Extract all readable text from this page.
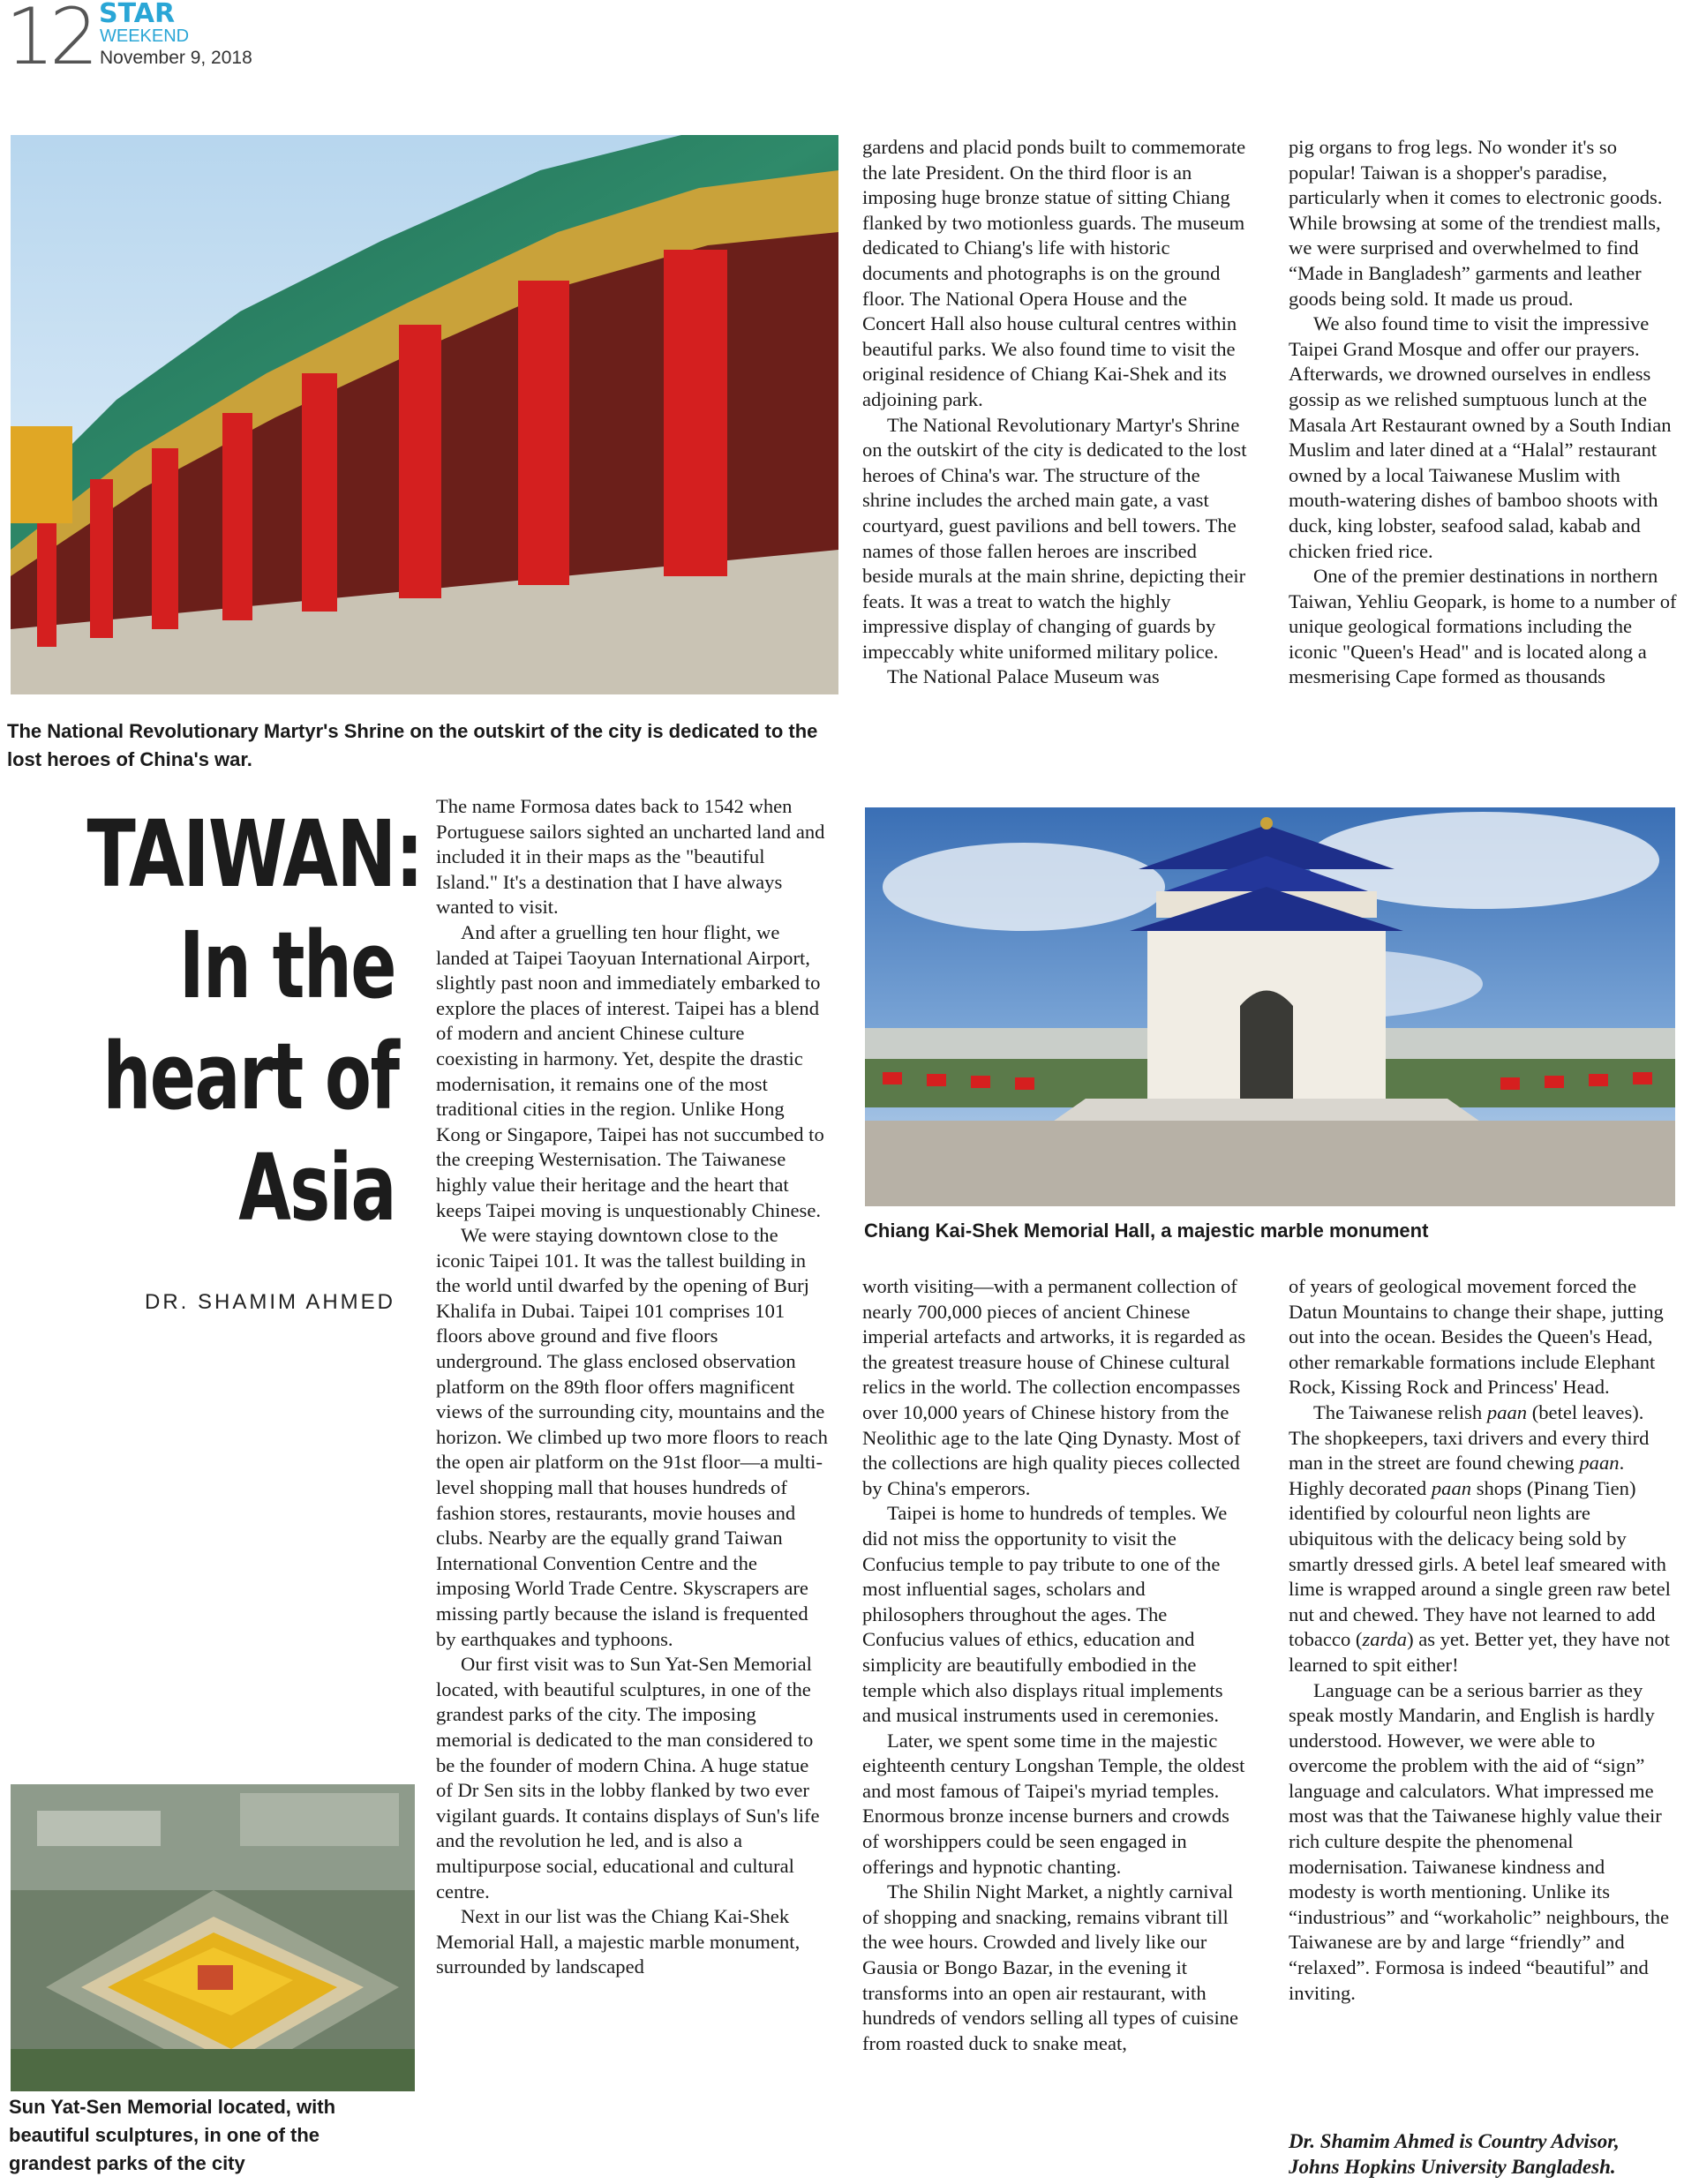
12 STAR
WEEKEND
November 9, 2018
The National Revolutionary Martyr's Shrine on the outskirt of the city is dedicated to the lost heroes of China's war.
TAIWAN:
In the
heart of
Asia
DR. SHAMIM AHMED
Sun Yat-Sen Memorial located, with beautiful sculptures, in one of the grandest parks of the city

The name Formosa dates back to 1542 when Portuguese sailors sighted an uncharted land and included it in their maps as the "beautiful Island." It's a destination that I have always wanted to visit.

And after a gruelling ten hour flight, we landed at Taipei Taoyuan International Airport, slightly past noon and immediately embarked to explore the places of interest. Taipei has a blend of modern and ancient Chinese culture coexisting in harmony. Yet, despite the drastic modernisation, it remains one of the most traditional cities in the region. Unlike Hong Kong or Singapore, Taipei has not succumbed to the creeping Westernisation. The Taiwanese highly value their heritage and the heart that keeps Taipei moving is unquestionably Chinese.

We were staying downtown close to the iconic Taipei 101. It was the tallest building in the world until dwarfed by the opening of Burj Khalifa in Dubai. Taipei 101 comprises 101 floors above ground and five floors underground. The glass enclosed observation platform on the 89th floor offers magnificent views of the surrounding city, mountains and the horizon. We climbed up two more floors to reach the open air platform on the 91st floor—a multi-level shopping mall that houses hundreds of fashion stores, restaurants, movie houses and clubs. Nearby are the equally grand Taiwan International Convention Centre and the imposing World Trade Centre. Skyscrapers are missing partly because the island is frequented by earthquakes and typhoons.

Our first visit was to Sun Yat-Sen Memorial located, with beautiful sculptures, in one of the grandest parks of the city. The imposing memorial is dedicated to the man considered to be the founder of modern China. A huge statue of Dr Sen sits in the lobby flanked by two ever vigilant guards. It contains displays of Sun's life and the revolution he led, and is also a multipurpose social, educational and cultural centre.

Next in our list was the Chiang Kai-Shek Memorial Hall, a majestic marble monument, surrounded by landscaped

gardens and placid ponds built to commemorate the late President. On the third floor is an imposing huge bronze statue of sitting Chiang flanked by two motionless guards. The museum dedicated to Chiang's life with historic documents and photographs is on the ground floor. The National Opera House and the Concert Hall also house cultural centres within beautiful parks. We also found time to visit the original residence of Chiang Kai-Shek and its adjoining park.

The National Revolutionary Martyr's Shrine on the outskirt of the city is dedicated to the lost heroes of China's war. The structure of the shrine includes the arched main gate, a vast courtyard, guest pavilions and bell towers. The names of those fallen heroes are inscribed beside murals at the main shrine, depicting their feats. It was a treat to watch the highly impressive display of changing of guards by impeccably white uniformed military police.

The National Palace Museum was

pig organs to frog legs. No wonder it's so popular! Taiwan is a shopper's paradise, particularly when it comes to electronic goods. While browsing at some of the trendiest malls, we were surprised and overwhelmed to find “Made in Bangladesh” garments and leather goods being sold. It made us proud.

We also found time to visit the impressive Taipei Grand Mosque and offer our prayers. Afterwards, we drowned ourselves in endless gossip as we relished sumptuous lunch at the Masala Art Restaurant owned by a South Indian Muslim and later dined at a “Halal” restaurant owned by a local Taiwanese Muslim with mouth-watering dishes of bamboo shoots with duck, king lobster, seafood salad, kabab and chicken fried rice.

One of the premier destinations in northern Taiwan, Yehliu Geopark, is home to a number of unique geological formations including the iconic "Queen's Head" and is located along a mesmerising Cape formed as thousands

Chiang Kai-Shek Memorial Hall, a majestic marble monument

worth visiting—with a permanent collection of nearly 700,000 pieces of ancient Chinese imperial artefacts and artworks, it is regarded as the greatest treasure house of Chinese cultural relics in the world. The collection encompasses over 10,000 years of Chinese history from the Neolithic age to the late Qing Dynasty. Most of the collections are high quality pieces collected by China's emperors.

Taipei is home to hundreds of temples. We did not miss the opportunity to visit the Confucius temple to pay tribute to one of the most influential sages, scholars and philosophers throughout the ages. The Confucius values of ethics, education and simplicity are beautifully embodied in the temple which also displays ritual implements and musical instruments used in ceremonies.

Later, we spent some time in the majestic eighteenth century Longshan Temple, the oldest and most famous of Taipei's myriad temples. Enormous bronze incense burners and crowds of worshippers could be seen engaged in offerings and hypnotic chanting.

The Shilin Night Market, a nightly carnival of shopping and snacking, remains vibrant till the wee hours. Crowded and lively like our Gausia or Bongo Bazar, in the evening it transforms into an open air restaurant, with hundreds of vendors selling all types of cuisine from roasted duck to snake meat,

of years of geological movement forced the Datun Mountains to change their shape, jutting out into the ocean. Besides the Queen's Head, other remarkable formations include Elephant Rock, Kissing Rock and Princess' Head.

The Taiwanese relish paan (betel leaves). The shopkeepers, taxi drivers and every third man in the street are found chewing paan. Highly decorated paan shops (Pinang Tien) identified by colourful neon lights are ubiquitous with the delicacy being sold by smartly dressed girls. A betel leaf smeared with lime is wrapped around a single green raw betel nut and chewed. They have not learned to add tobacco (zarda) as yet. Better yet, they have not learned to spit either!

Language can be a serious barrier as they speak mostly Mandarin, and English is hardly understood. However, we were able to overcome the problem with the aid of “sign” language and calculators. What impressed me most was that the Taiwanese highly value their rich culture despite the phenomenal modernisation. Taiwanese kindness and modesty is worth mentioning. Unlike its “industrious” and “workaholic” neighbours, the Taiwanese are by and large “friendly” and “relaxed”. Formosa is indeed “beautiful” and inviting.

Dr. Shamim Ahmed is Country Advisor,
Johns Hopkins University Bangladesh.
